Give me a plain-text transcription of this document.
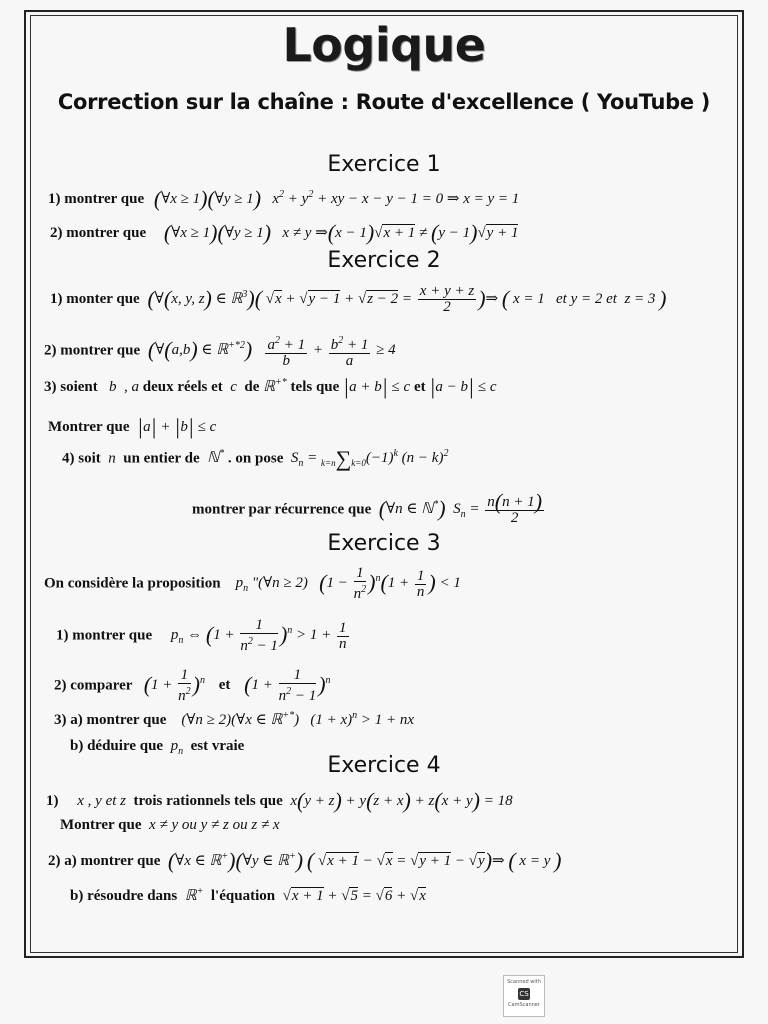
Logique
Correction sur la chaîne : Route d'excellence ( YouTube )
Exercice 1
1) montrer que (∀x ≥ 1)(∀y ≥ 1) $x^2 + y^2$ + xy − x − y − 1 = 0 ⇒ x = y = 1
2) montrer que (∀x ≥ 1)(∀y ≥ 1) x ≠ y ⇒(x − 1)√x + 1 ≠ (y − 1)√y + 1
Exercice 2
1) monter que (∀(x, y, z) ∈ ℝ$^3$)( $√x + √y - 1 + √z - 2 = \frac{x + y + z}{2}$ )⇒ ( x = 1   et y = 2 et z = 3 )
2) montrer que (∀(a,b) ∈ ℝ$^{+*2}$) $\frac{a^2 + 1}{b} + \frac{b^2 + 1}{a} \ge 4$
3) soient b  , a deux réels et c de ℝ+* tels que |a + b| ≤ c et |a − b| ≤ c
Montrer que |a| + |b| ≤ c
4) soit n un entier de  ℕ* . on pose $S_n = k=n\sum k=0(-1)^k$ $(n - k)^2$
montrer par récurrence que (∀n ∈ ℕ*) $S_n = \frac{n(n + 1)}{2}$
Exercice 3
On considère la proposition $p_n$ "(∀n ≥ 2)   $(1 - \frac{1}{n^2} )^n(1 + \frac{1}{n}$ ) < 1
1) montrer que $p_n$ ⇔ $(1 + \frac{1}{n^2 - 1} )^n > 1 + \frac{1}{n}$
2) comparer $(1 + \frac{1}{n^2} )^n$ et $(1 + \frac{1}{n^2 - 1} )^n$
3) a) montrer que    (∀n ≥ 2)(∀x ∈ ℝ+*)   $(1 + x)^n > 1$ + nx
b) déduire que $p_n$ est vraie
Exercice 4
1) x , y et z trois rationnels tels que x(y + z) + y(z + x) + z(x + y) = 18
Montrer que x ≠ y ou y ≠ z ou z ≠ x
2) a) montrer que (∀x ∈ ℝ+)(∀y ∈ ℝ+) ( √x + 1 − √x = √y + 1 − √y)⇒ ( x = y )
b) résoudre dans  ℝ+ l'équation  √x + 1 + √5 = √6 + √x
Scanned with
CS
CamScanner
